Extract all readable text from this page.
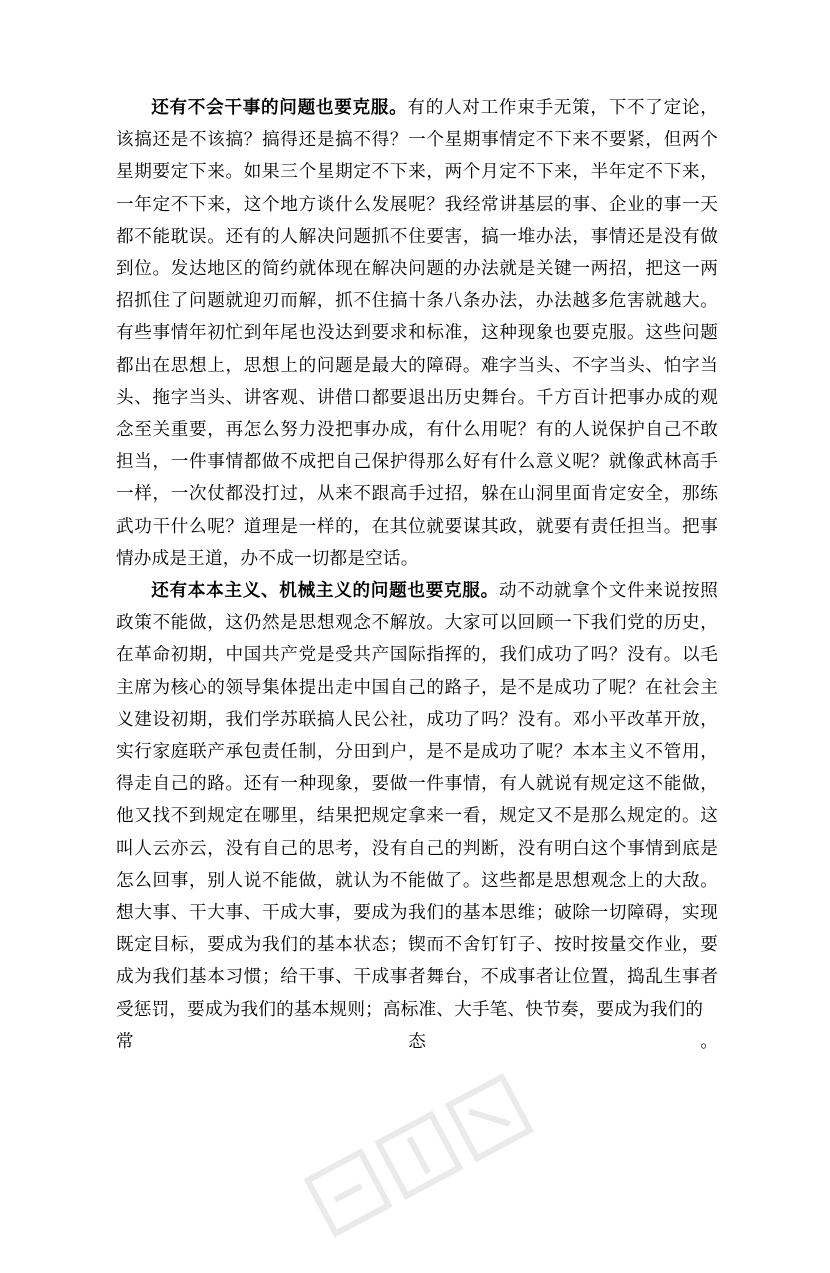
还有不会干事的问题也要克服。有的人对工作束手无策，下不了定论，该搞还是不该搞？搞得还是搞不得？一个星期事情定不下来不要紧，但两个星期要定下来。如果三个星期定不下来，两个月定不下来，半年定不下来，一年定不下来，这个地方谈什么发展呢？我经常讲基层的事、企业的事一天都不能耽误。还有的人解决问题抓不住要害，搞一堆办法，事情还是没有做到位。发达地区的简约就体现在解决问题的办法就是关键一两招，把这一两招抓住了问题就迎刃而解，抓不住搞十条八条办法，办法越多危害就越大。有些事情年初忙到年尾也没达到要求和标准，这种现象也要克服。这些问题都出在思想上，思想上的问题是最大的障碍。难字当头、不字当头、怕字当头、拖字当头、讲客观、讲借口都要退出历史舞台。千方百计把事办成的观念至关重要，再怎么努力没把事办成，有什么用呢？有的人说保护自己不敢担当，一件事情都做不成把自己保护得那么好有什么意义呢？就像武林高手一样，一次仗都没打过，从来不跟高手过招，躲在山洞里面肯定安全，那练武功干什么呢？道理是一样的，在其位就要谋其政，就要有责任担当。把事情办成是王道，办不成一切都是空话。

还有本本主义、机械主义的问题也要克服。动不动就拿个文件来说按照政策不能做，这仍然是思想观念不解放。大家可以回顾一下我们党的历史，在革命初期，中国共产党是受共产国际指挥的，我们成功了吗？没有。以毛主席为核心的领导集体提出走中国自己的路子，是不是成功了呢？在社会主义建设初期，我们学苏联搞人民公社，成功了吗？没有。邓小平改革开放，实行家庭联产承包责任制，分田到户，是不是成功了呢？本本主义不管用，得走自己的路。还有一种现象，要做一件事情，有人就说有规定这不能做，他又找不到规定在哪里，结果把规定拿来一看，规定又不是那么规定的。这叫人云亦云，没有自己的思考，没有自己的判断，没有明白这个事情到底是怎么回事，别人说不能做，就认为不能做了。这些都是思想观念上的大敌。想大事、干大事、干成大事，要成为我们的基本思维；破除一切障碍，实现既定目标，要成为我们的基本状态；锲而不舍钉钉子、按时按量交作业，要成为我们基本习惯；给干事、干成事者舞台，不成事者让位置，捣乱生事者受惩罚，要成为我们的基本规则；高标准、大手笔、快节奏，要成为我们的

常	态	。
